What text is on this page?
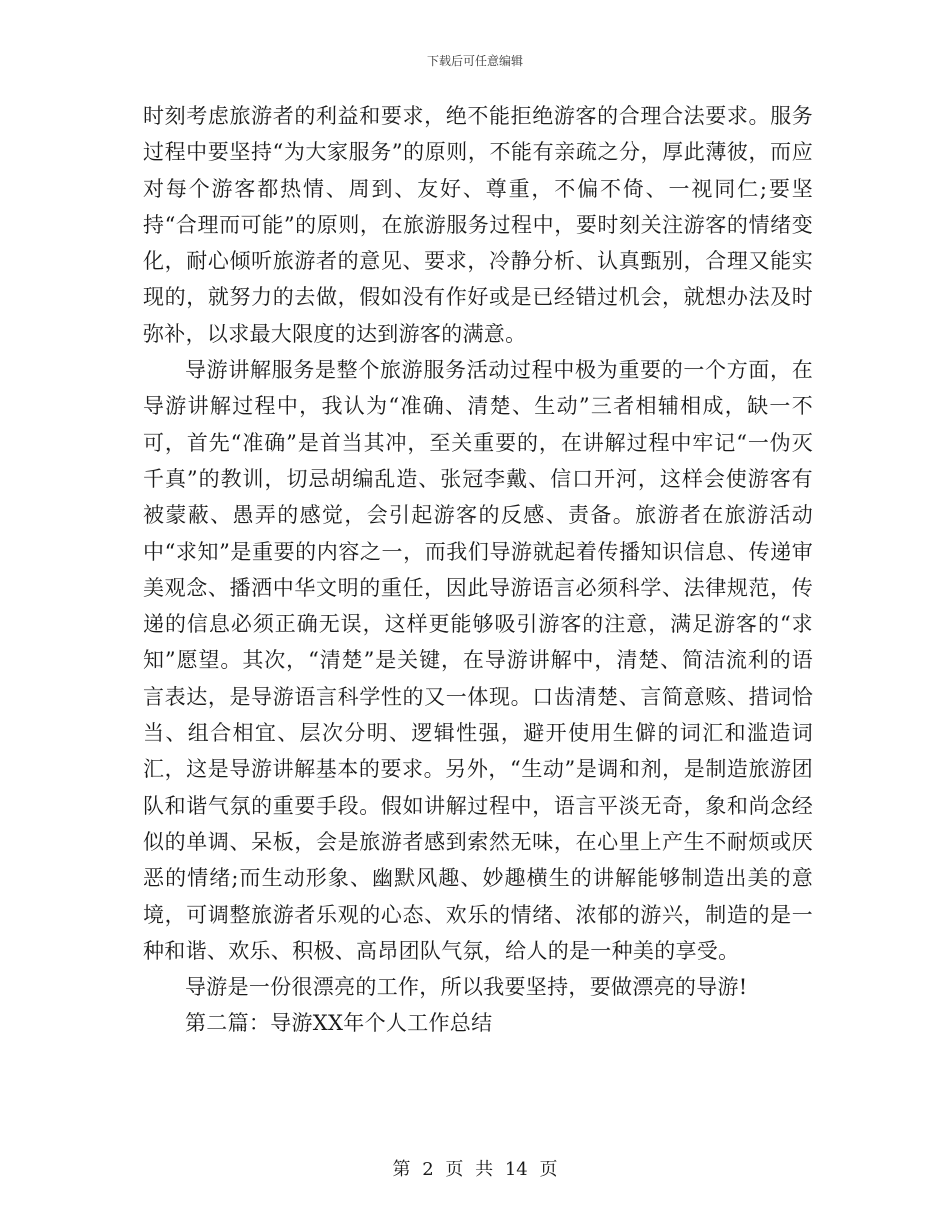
下载后可任意编辑

时刻考虑旅游者的利益和要求，绝不能拒绝游客的合理合法要求。服务过程中要坚持“为大家服务”的原则，不能有亲疏之分，厚此薄彼，而应对每个游客都热情、周到、友好、尊重，不偏不倚、一视同仁;要坚持“合理而可能”的原则，在旅游服务过程中，要时刻关注游客的情绪变化，耐心倾听旅游者的意见、要求，冷静分析、认真甄别，合理又能实现的，就努力的去做，假如没有作好或是已经错过机会，就想办法及时弥补，以求最大限度的达到游客的满意。

导游讲解服务是整个旅游服务活动过程中极为重要的一个方面，在导游讲解过程中，我认为“准确、清楚、生动”三者相辅相成，缺一不可，首先“准确”是首当其冲，至关重要的，在讲解过程中牢记“一伪灭千真”的教训，切忌胡编乱造、张冠李戴、信口开河，这样会使游客有被蒙蔽、愚弄的感觉，会引起游客的反感、责备。旅游者在旅游活动中“求知”是重要的内容之一，而我们导游就起着传播知识信息、传递审美观念、播洒中华文明的重任，因此导游语言必须科学、法律规范，传递的信息必须正确无误，这样更能够吸引游客的注意，满足游客的“求知”愿望。其次，“清楚”是关键，在导游讲解中，清楚、简洁流利的语言表达，是导游语言科学性的又一体现。口齿清楚、言简意赅、措词恰当、组合相宜、层次分明、逻辑性强，避开使用生僻的词汇和滥造词汇，这是导游讲解基本的要求。另外，“生动”是调和剂，是制造旅游团队和谐气氛的重要手段。假如讲解过程中，语言平淡无奇，象和尚念经似的单调、呆板，会是旅游者感到索然无味，在心里上产生不耐烦或厌恶的情绪;而生动形象、幽默风趣、妙趣横生的讲解能够制造出美的意境，可调整旅游者乐观的心态、欢乐的情绪、浓郁的游兴，制造的是一种和谐、欢乐、积极、高昂团队气氛，给人的是一种美的享受。

导游是一份很漂亮的工作，所以我要坚持，要做漂亮的导游!

第二篇：导游XX年个人工作总结

第 2 页 共 14 页
